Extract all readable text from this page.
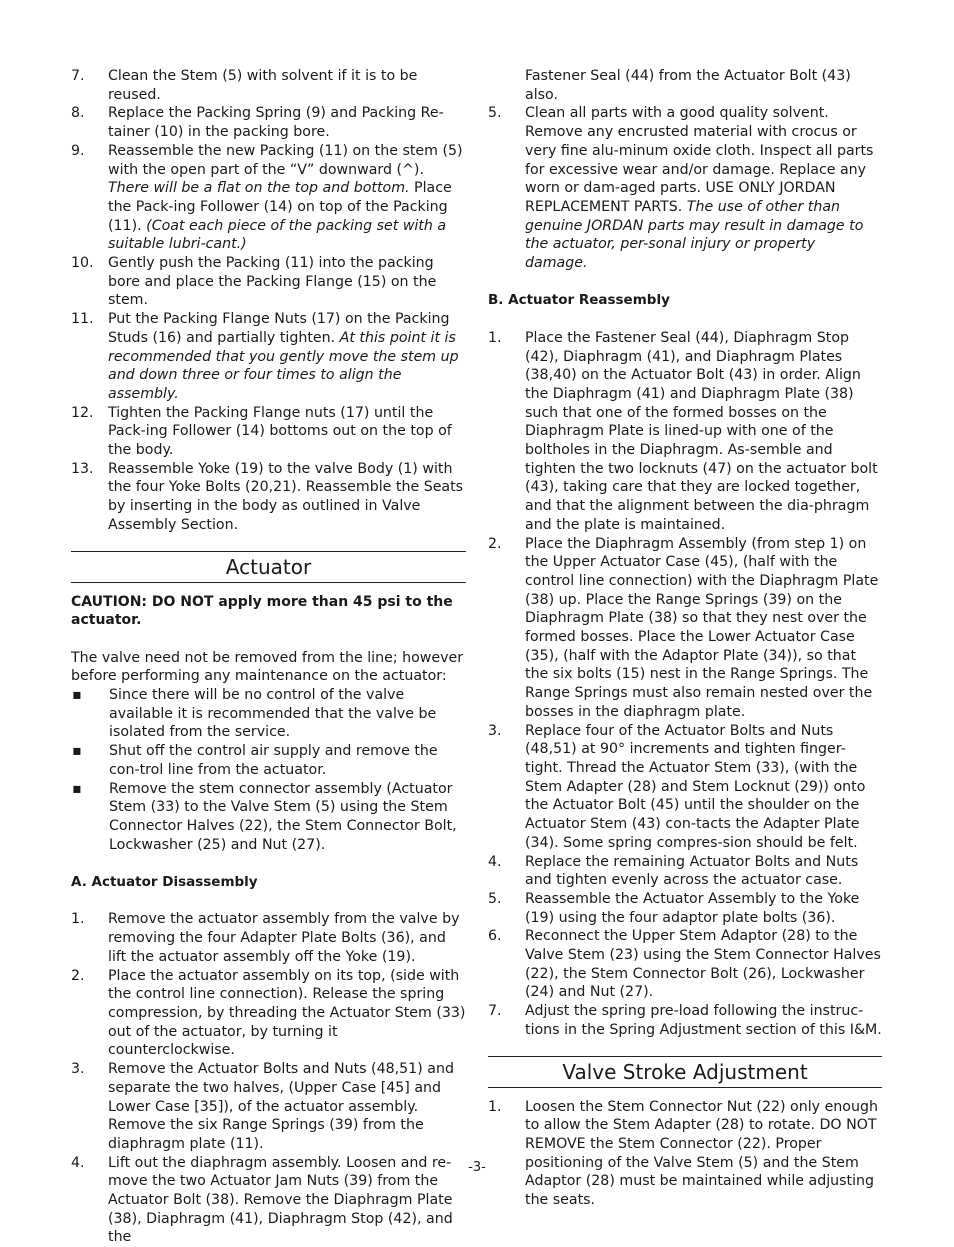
7.	Clean the Stem (5) with solvent if it is to be reused.
8.	Replace the Packing Spring (9) and Packing Re-tainer (10) in the packing bore.
9.	Reassemble the new Packing (11) on the stem (5) with the open part of the “V” downward (^). There will be a flat on the top and bottom. Place the Pack-ing Follower (14) on top of the Packing (11). (Coat each piece of the packing set with a suitable lubri-cant.)
10.	Gently push the Packing (11) into the packing bore and place the Packing Flange (15) on the stem.
11.	Put the Packing Flange Nuts (17) on the Packing Studs (16) and partially tighten. At this point it is recommended that you gently move the stem up and down three or four times to align the assembly.
12.	Tighten the Packing Flange nuts (17) until the Pack-ing Follower (14) bottoms out on the top of the body.
13.	Reassemble Yoke (19) to the valve Body (1) with the four Yoke Bolts (20,21). Reassemble the Seats by inserting in the body as outlined in Valve Assembly Section.
Actuator
CAUTION: DO NOT apply more than 45 psi to the actuator.
The valve need not be removed from the line; however before performing any maintenance on the actuator:
▪	Since there will be no control of the valve available it is recommended that the valve be isolated from the service.
▪	Shut off the control air supply and remove the con-trol line from the actuator.
▪	Remove the stem connector assembly (Actuator Stem (33) to the Valve Stem (5) using the Stem Connector Halves (22), the Stem Connector Bolt, Lockwasher (25) and Nut (27).
A. Actuator Disassembly
1.	Remove the actuator assembly from the valve by removing the four Adapter Plate Bolts (36), and lift the actuator assembly off the Yoke (19).
2.	Place the actuator assembly on its top, (side with the control line connection). Release the spring compression, by threading the Actuator Stem (33) out of the actuator, by turning it counterclockwise.
3.	Remove the Actuator Bolts and Nuts (48,51) and separate the two halves, (Upper Case [45] and Lower Case [35]), of the actuator assembly. Remove the six Range Springs (39) from the diaphragm plate (11).
4.	Lift out the diaphragm assembly. Loosen and re-move the two Actuator Jam Nuts (39) from the Actuator Bolt (38). Remove the Diaphragm Plate (38), Diaphragm (41), Diaphragm Stop (42), and the
Fastener Seal (44) from the Actuator Bolt (43) also.
5.	Clean all parts with a good quality solvent. Remove any encrusted material with crocus or very fine alu-minum oxide cloth. Inspect all parts for excessive wear and/or damage. Replace any worn or dam-aged parts. USE ONLY JORDAN REPLACEMENT PARTS. The use of other than genuine JORDAN parts may result in damage to the actuator, per-sonal injury or property damage.
B. Actuator Reassembly
1.	Place the Fastener Seal (44), Diaphragm Stop (42), Diaphragm (41), and Diaphragm Plates (38,40) on the Actuator Bolt (43) in order. Align the Diaphragm (41) and Diaphragm Plate (38) such that one of the formed bosses on the Diaphragm Plate is lined-up with one of the boltholes in the Diaphragm. As-semble and tighten the two locknuts (47) on the actuator bolt (43), taking care that they are locked together, and that the alignment between the dia-phragm and the plate is maintained.
2.	Place the Diaphragm Assembly (from step 1) on the Upper Actuator Case (45), (half with the control line connection) with the Diaphragm Plate (38) up. Place the Range Springs (39) on the Diaphragm Plate (38) so that they nest over the formed bosses. Place the Lower Actuator Case (35), (half with the Adaptor Plate (34)), so that the six bolts (15) nest in the Range Springs. The Range Springs must also remain nested over the bosses in the diaphragm plate.
3.	Replace four of the Actuator Bolts and Nuts (48,51) at 90° increments and tighten finger-tight. Thread the Actuator Stem (33), (with the Stem Adapter (28) and Stem Locknut (29)) onto the Actuator Bolt (45) until the shoulder on the Actuator Stem (43) con-tacts the Adapter Plate (34). Some spring compres-sion should be felt.
4.	Replace the remaining Actuator Bolts and Nuts and tighten evenly across the actuator case.
5.	Reassemble the Actuator Assembly to the Yoke (19) using the four adaptor plate bolts (36).
6.	Reconnect the Upper Stem Adaptor (28) to the Valve Stem (23) using the Stem Connector Halves (22), the Stem Connector Bolt (26), Lockwasher (24) and Nut (27).
7.	Adjust the spring pre-load following the instruc-tions in the Spring Adjustment section of this I&M.
Valve Stroke Adjustment
1.	Loosen the Stem Connector Nut (22) only enough to allow the Stem Adapter (28) to rotate. DO NOT REMOVE the Stem Connector (22). Proper positioning of the Valve Stem (5) and the Stem Adaptor (28) must be maintained while adjusting the seats.
-3-
